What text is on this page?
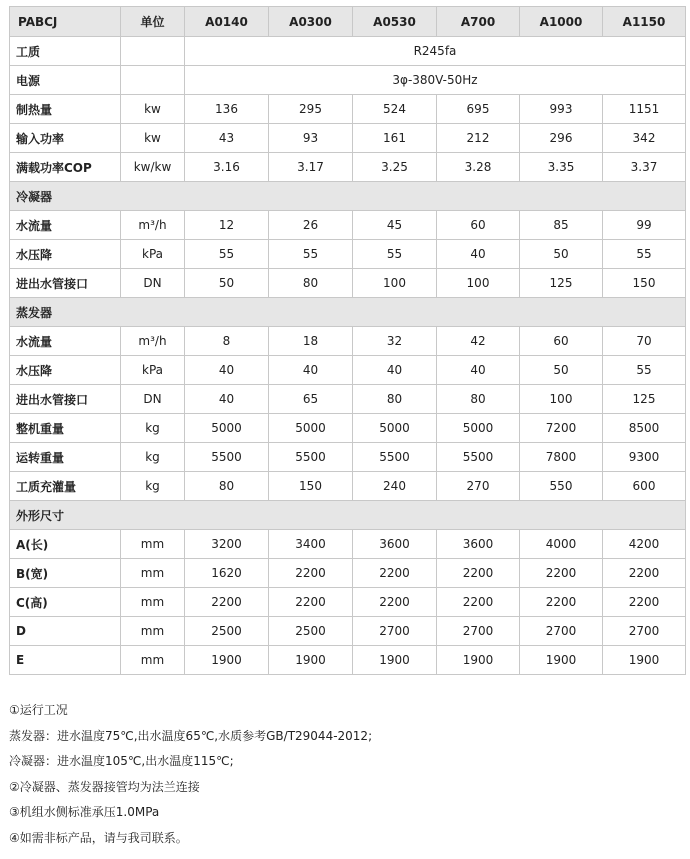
PABCJ	单位	A0140	A0300	A0530	A700	A1000	A1150
工质		R245fa					
电源		3φ-380V-50Hz					
制热量	kw	136	295	524	695	993	1151
输入功率	kw	43	93	161	212	296	342
满载功率COP	kw/kw	3.16	3.17	3.25	3.28	3.35	3.37
冷凝器							
水流量	m³/h	12	26	45	60	85	99
水压降	kPa	55	55	55	40	50	55
进出水管接口	DN	50	80	100	100	125	150
蒸发器							
水流量	m³/h	8	18	32	42	60	70
水压降	kPa	40	40	40	40	50	55
进出水管接口	DN	40	65	80	80	100	125
整机重量	kg	5000	5000	5000	5000	7200	8500
运转重量	kg	5500	5500	5500	5500	7800	9300
工质充灌量	kg	80	150	240	270	550	600
外形尺寸							
A(长)	mm	3200	3400	3600	3600	4000	4200
B(宽)	mm	1620	2200	2200	2200	2200	2200
C(高)	mm	2200	2200	2200	2200	2200	2200
D	mm	2500	2500	2700	2700	2700	2700
E	mm	1900	1900	1900	1900	1900	1900
①运行工况
蒸发器：进水温度75℃,出水温度65℃,水质参考GB/T29044-2012;
冷凝器：进水温度105℃,出水温度115℃;
②冷凝器、蒸发器接管均为法兰连接
③机组水侧标准承压1.0MPa
④如需非标产品，请与我司联系。
